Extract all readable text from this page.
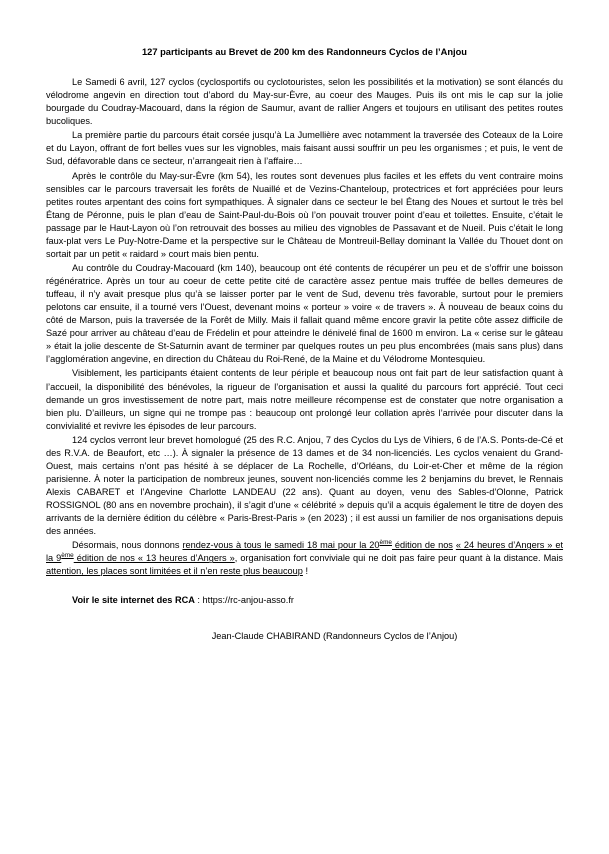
127 participants au Brevet de 200 km des Randonneurs Cyclos de l’Anjou

Le Samedi 6 avril, 127 cyclos (cyclosportifs ou cyclotouristes, selon les possibilités et la motivation) se sont élancés du vélodrome angevin en direction tout d’abord du May-sur-Èvre, au coeur des Mauges. Puis ils ont mis le cap sur la jolie bourgade du Coudray-Macouard, dans la région de Saumur, avant de rallier Angers et toujours en utilisant des petites routes bucoliques.

La première partie du parcours était corsée jusqu’à La Jumellière avec notamment la traversée des Coteaux de la Loire et du Layon, offrant de fort belles vues sur les vignobles, mais faisant aussi souffrir un peu les organismes ; et puis, le vent de Sud, défavorable dans ce secteur, n’arrangeait rien à l’affaire…

Après le contrôle du May-sur-Èvre (km 54), les routes sont devenues plus faciles et les effets du vent contraire moins sensibles car le parcours traversait les forêts de Nuaillé et de Vezins-Chanteloup, protectrices et fort appréciées pour leurs petites routes arpentant des coins fort sympathiques. À signaler dans ce secteur le bel Étang des Noues et surtout le très bel Étang de Péronne, puis le plan d’eau de Saint-Paul-du-Bois où l’on pouvait trouver point d’eau et toilettes. Ensuite, c’était le passage par le Haut-Layon où l’on retrouvait des bosses au milieu des vignobles de Passavant et de Nueil. Puis c’était le long faux-plat vers Le Puy-Notre-Dame et la perspective sur le Château de Montreuil-Bellay dominant la Vallée du Thouet dont on sortait par un petit « raidard » court mais bien pentu.

Au contrôle du Coudray-Macouard (km 140), beaucoup ont été contents de récupérer un peu et de s’offrir une boisson régénératrice. Après un tour au coeur de cette petite cité de caractère assez pentue mais truffée de belles demeures de tuffeau, il n’y avait presque plus qu’à se laisser porter par le vent de Sud, devenu très favorable, surtout pour le premiers pelotons car ensuite, il a tourné vers l’Ouest, devenant moins « porteur » voire « de travers ». À nouveau de beaux coins du côté de Marson, puis la traversée de la Forêt de Milly. Mais il fallait quand même encore gravir la petite côte assez difficile de Sazé pour arriver au château d’eau de Frédelin et pour atteindre le dénivelé final de 1600 m environ. La « cerise sur le gâteau » était la jolie descente de St-Saturnin avant de terminer par quelques routes un peu plus encombrées (mais sans plus) dans l’agglomération angevine, en direction du Château du Roi-René, de la Maine et du Vélodrome Montesquieu.

Visiblement, les participants étaient contents de leur périple et beaucoup nous ont fait part de leur satisfaction quant à l’accueil, la disponibilité des bénévoles, la rigueur de l’organisation et aussi la qualité du parcours fort apprécié. Tout ceci demande un gros investissement de notre part, mais notre meilleure récompense est de constater que notre organisation a bien plu. D’ailleurs, un signe qui ne trompe pas : beaucoup ont prolongé leur collation après l’arrivée pour discuter dans la convivialité et revivre les épisodes de leur parcours.

124 cyclos verront leur brevet homologué (25 des R.C. Anjou, 7 des Cyclos du Lys de Vihiers, 6 de l’A.S. Ponts-de-Cé et des R.V.A. de Beaufort, etc …). À signaler la présence de 13 dames et de 34 non-licenciés. Les cyclos venaient du Grand-Ouest, mais certains n’ont pas hésité à se déplacer de La Rochelle, d’Orléans, du Loir-et-Cher et même de la région parisienne. À noter la participation de nombreux jeunes, souvent non-licenciés comme les 2 benjamins du brevet, le Rennais Alexis CABARET et l’Angevine Charlotte LANDEAU (22 ans). Quant au doyen, venu des Sables-d’Olonne, Patrick ROSSIGNOL (80 ans en novembre prochain), il s’agit d’une « célébrité » depuis qu’il a acquis également le titre de doyen des arrivants de la dernière édition du célèbre « Paris-Brest-Paris » (en 2023) ; il est aussi un familier de nos organisations depuis des années.

Désormais, nous donnons rendez-vous à tous le samedi 18 mai pour la 20ème édition de nos « 24 heures d’Angers » et la 9ème édition de nos « 13 heures d’Angers », organisation fort conviviale qui ne doit pas faire peur quant à la distance. Mais attention, les places sont limitées et il n’en reste plus beaucoup !

Voir le site internet des RCA : https://rc-anjou-asso.fr
Jean-Claude CHABIRAND (Randonneurs Cyclos de l’Anjou)
